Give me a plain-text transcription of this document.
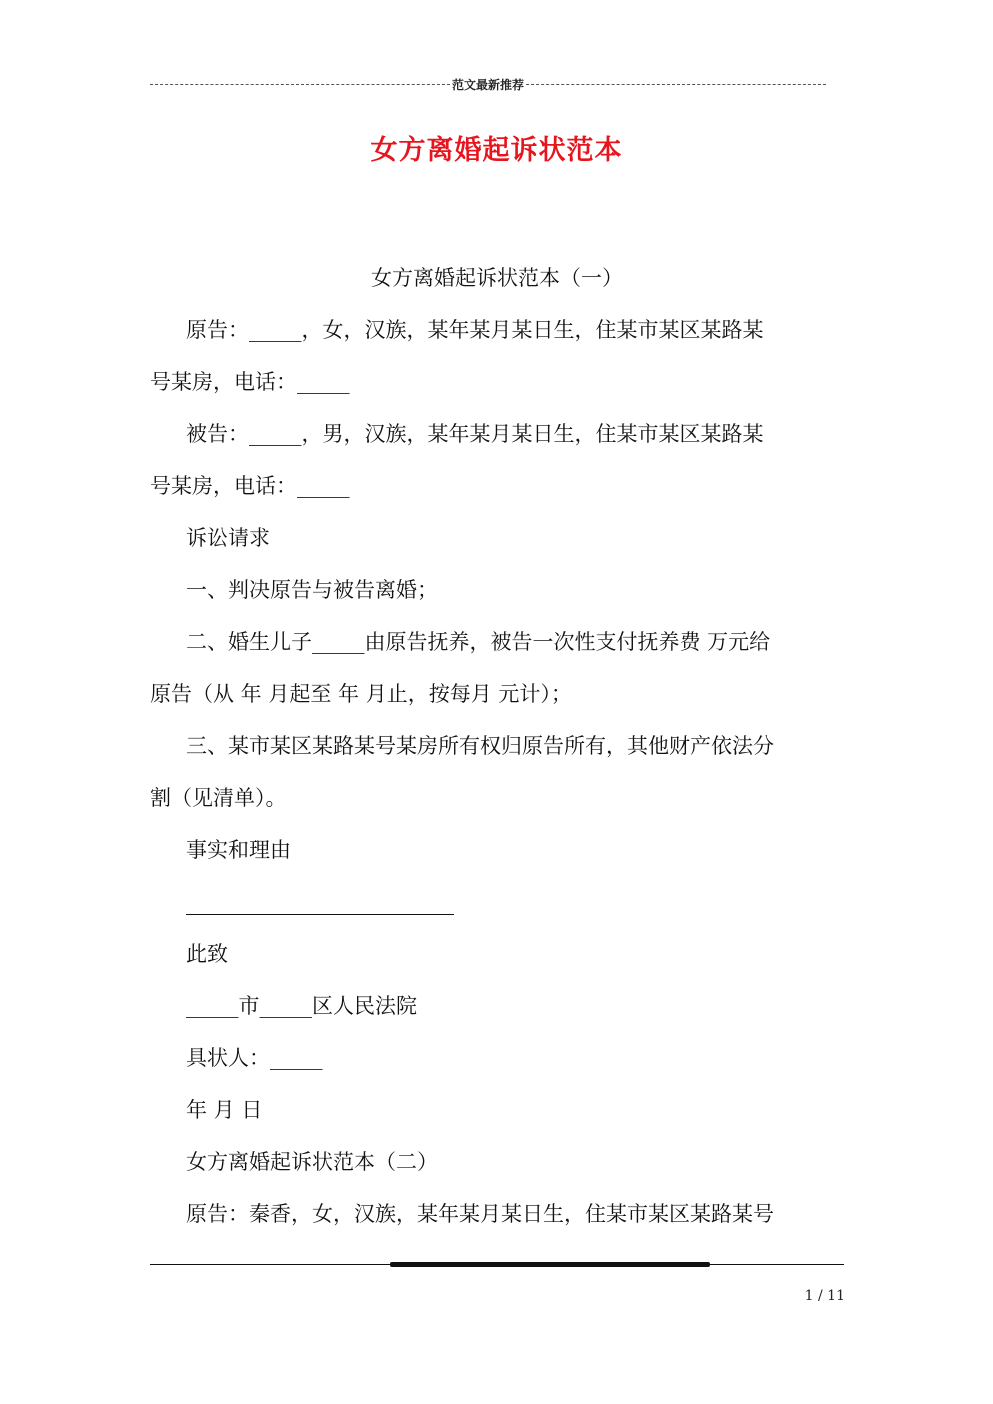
范文最新推荐
女方离婚起诉状范本
女方离婚起诉状范本（一）
原告：_____，女，汉族，某年某月某日生，住某市某区某路某
号某房，电话：_____
被告：_____，男，汉族，某年某月某日生，住某市某区某路某
号某房，电话：_____
诉讼请求
一、判决原告与被告离婚；
二、婚生儿子_____由原告抚养，被告一次性支付抚养费 万元给
原告（从 年 月起至 年 月止，按每月 元计）；
三、某市某区某路某号某房所有权归原告所有，其他财产依法分
割（见清单）。
事实和理由
此致
_____市_____区人民法院
具状人：_____
年 月 日
女方离婚起诉状范本（二）
原告：秦香，女，汉族，某年某月某日生，住某市某区某路某号
1 / 11
